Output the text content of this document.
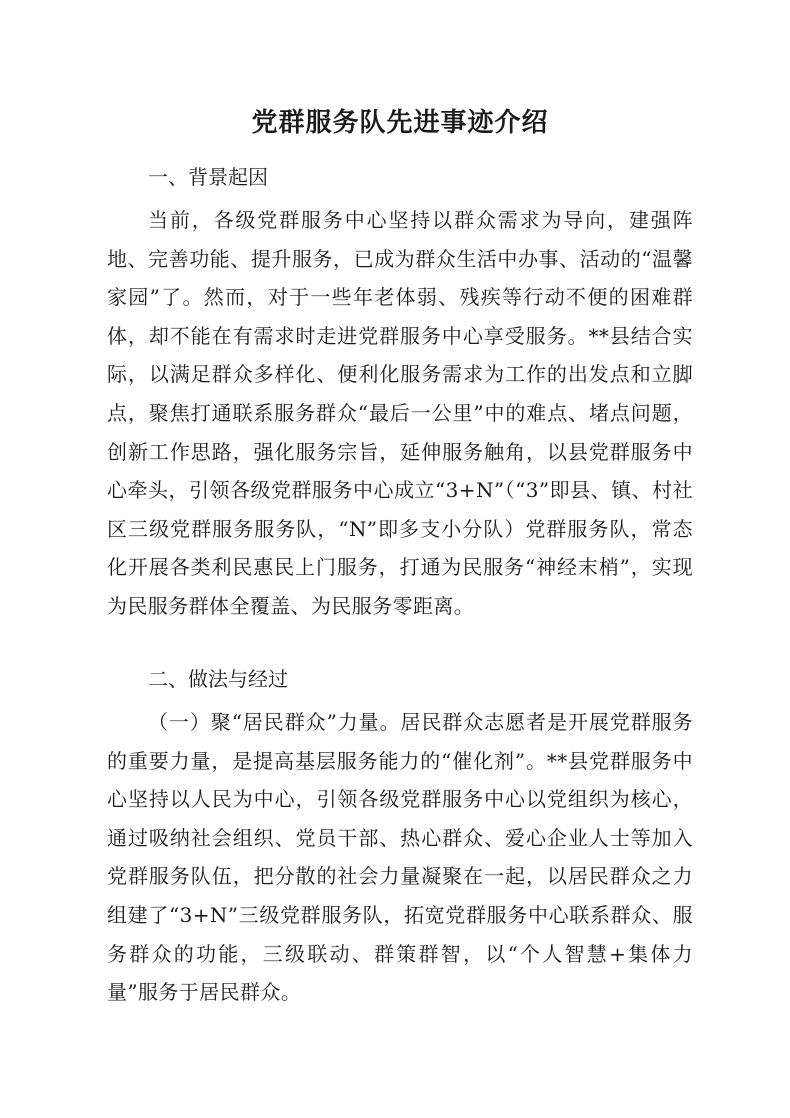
党群服务队先进事迹介绍
一、背景起因

当前，各级党群服务中心坚持以群众需求为导向，建强阵地、完善功能、提升服务，已成为群众生活中办事、活动的“温馨家园”了。然而，对于一些年老体弱、残疾等行动不便的困难群体，却不能在有需求时走进党群服务中心享受服务。**县结合实际，以满足群众多样化、便利化服务需求为工作的出发点和立脚点，聚焦打通联系服务群众“最后一公里”中的难点、堵点问题，创新工作思路，强化服务宗旨，延伸服务触角，以县党群服务中心牵头，引领各级党群服务中心成立“3+N”（“3”即县、镇、村社区三级党群服务服务队，“N”即多支小分队）党群服务队，常态化开展各类利民惠民上门服务，打通为民服务“神经末梢”，实现为民服务群体全覆盖、为民服务零距离。

二、做法与经过

（一）聚“居民群众”力量。居民群众志愿者是开展党群服务的重要力量，是提高基层服务能力的“催化剂”。**县党群服务中心坚持以人民为中心，引领各级党群服务中心以党组织为核心，通过吸纳社会组织、党员干部、热心群众、爱心企业人士等加入党群服务队伍，把分散的社会力量凝聚在一起，以居民群众之力组建了“3+N”三级党群服务队，拓宽党群服务中心联系群众、服务群众的功能，三级联动、群策群智，以“个人智慧+集体力量”服务于居民群众。
